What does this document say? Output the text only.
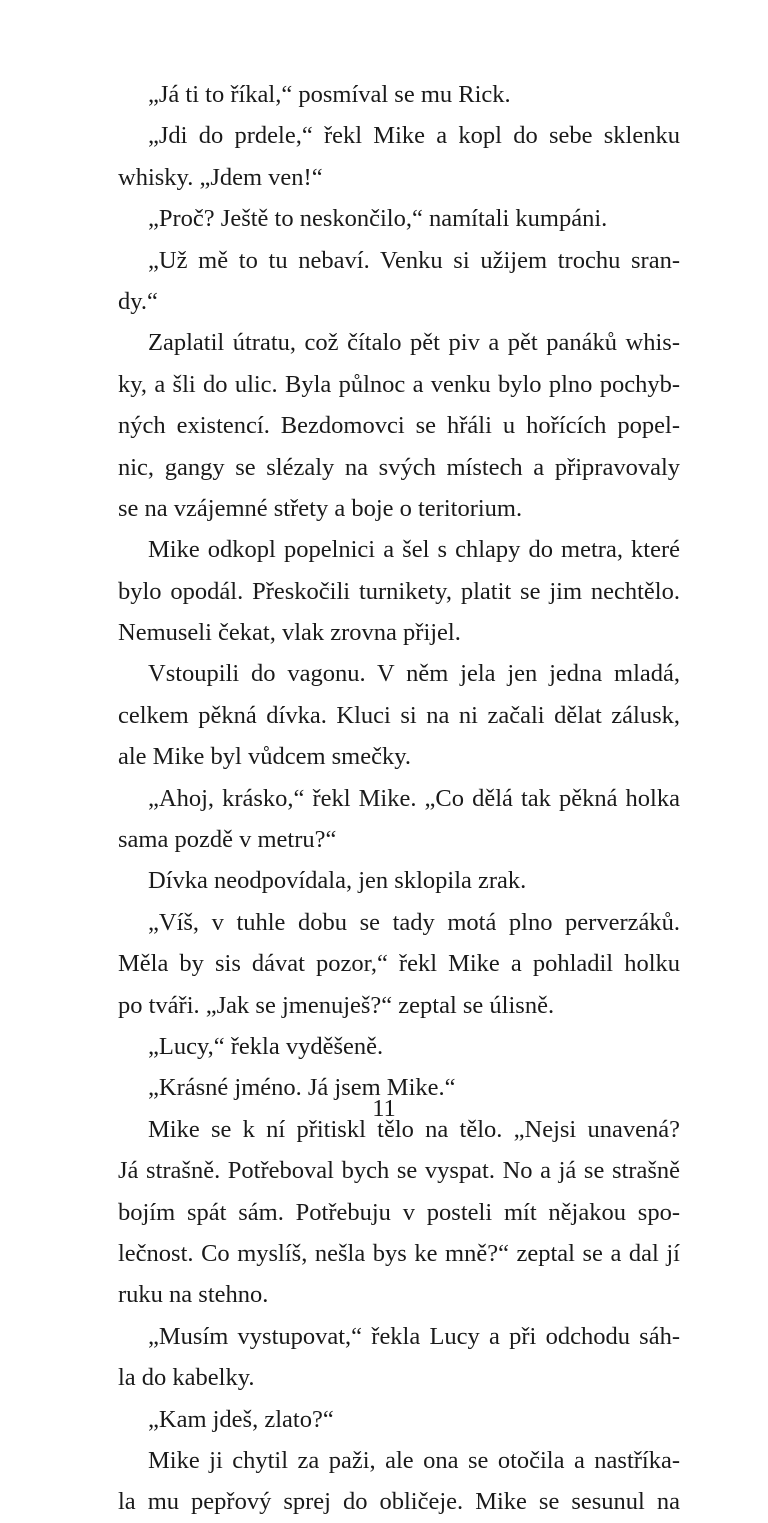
„Já ti to říkal,“ posmíval se mu Rick.
„Jdi do prdele,“ řekl Mike a kopl do sebe sklenku
whisky. „Jdem ven!“
„Proč? Ještě to neskončilo,“ namítali kumpáni.
„Už mě to tu nebaví. Venku si užijem trochu sran-
dy.“
Zaplatil útratu, což čítalo pět piv a pět panáků whis-
ky, a šli do ulic. Byla půlnoc a venku bylo plno pochyb-
ných existencí. Bezdomovci se hřáli u hořících popel-
nic, gangy se slézaly na svých místech a připravovaly
se na vzájemné střety a boje o teritorium.
Mike odkopl popelnici a šel s chlapy do metra, které
bylo opodál. Přeskočili turnikety, platit se jim nechtělo.
Nemuseli čekat, vlak zrovna přijel.
Vstoupili do vagonu. V něm jela jen jedna mladá,
celkem pěkná dívka. Kluci si na ni začali dělat zálusk,
ale Mike byl vůdcem smečky.
„Ahoj, krásko,“ řekl Mike. „Co dělá tak pěkná holka
sama pozdě v metru?“
Dívka neodpovídala, jen sklopila zrak.
„Víš, v tuhle dobu se tady motá plno perverzáků.
Měla by sis dávat pozor,“ řekl Mike a pohladil holku
po tváři. „Jak se jmenuješ?“ zeptal se úlisně.
„Lucy,“ řekla vyděšeně.
„Krásné jméno. Já jsem Mike.“
Mike se k ní přitiskl tělo na tělo. „Nejsi unavená?
Já strašně. Potřeboval bych se vyspat. No a já se strašně
bojím spát sám. Potřebuju v posteli mít nějakou spo-
lečnost. Co myslíš, nešla bys ke mně?“ zeptal se a dal jí
ruku na stehno.
„Musím vystupovat,“ řekla Lucy a při odchodu sáh-
la do kabelky.
„Kam jdeš, zlato?“
Mike ji chytil za paži, ale ona se otočila a nastříka-
la mu pepřový sprej do obličeje. Mike se sesunul na
11
